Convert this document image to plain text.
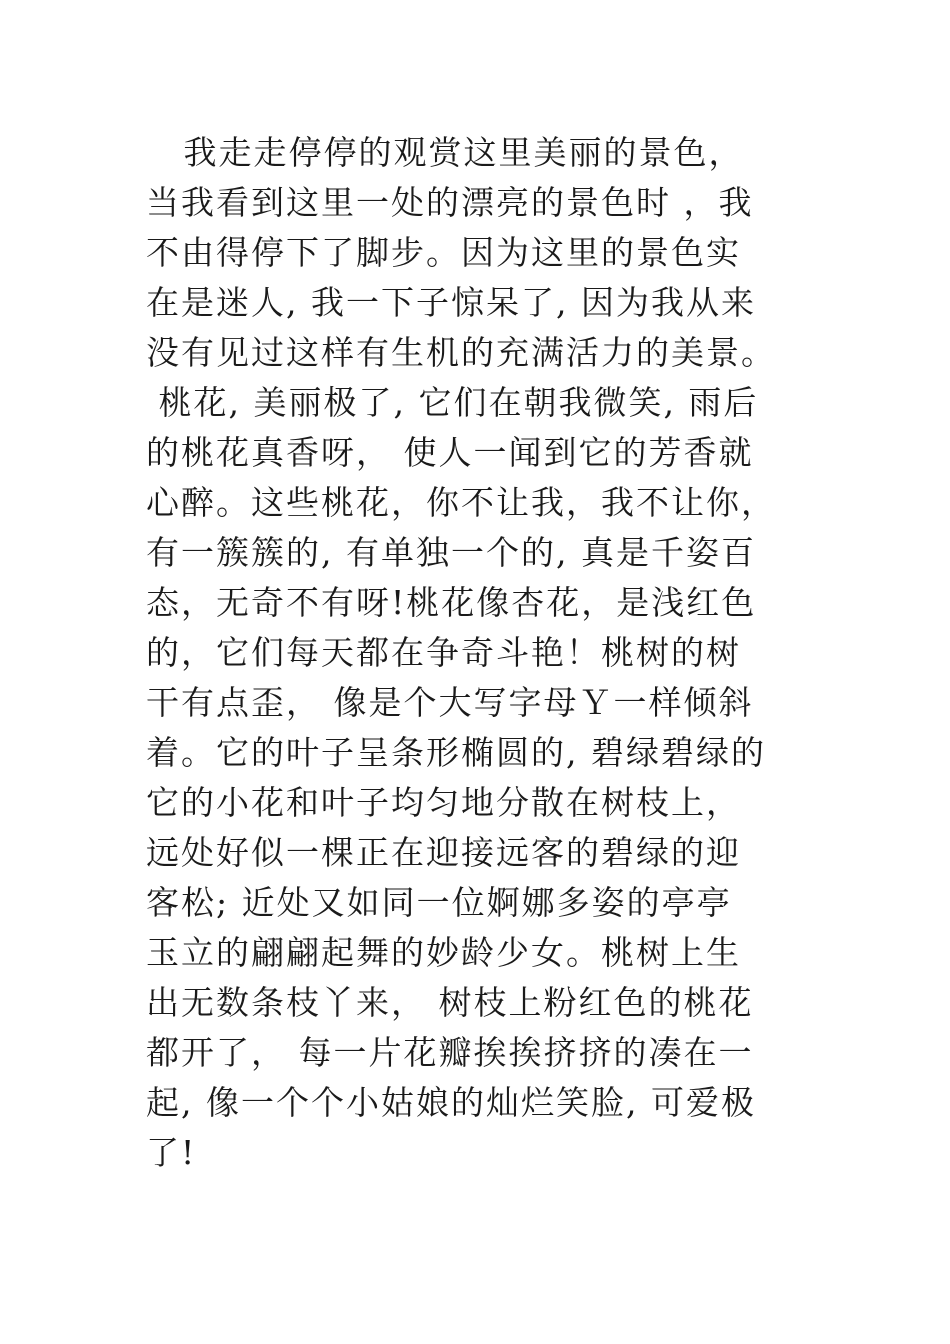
我走走停停的观赏这里美丽的景色，
当我看到这里一处的漂亮的景色时 ，我
不由得停下了脚步。因为这里的景色实
在是迷人, 我一下子惊呆了, 因为我从来
没有见过这样有生机的充满活力的美景。
桃花, 美丽极了, 它们在朝我微笑, 雨后
的桃花真香呀， 使人一闻到它的芳香就
心醉。这些桃花，你不让我，我不让你，
有一簇簇的, 有单独一个的, 真是千姿百
态，无奇不有呀!桃花像杏花，是浅红色
的，它们每天都在争奇斗艳！桃树的树
干有点歪， 像是个大写字母Ｙ一样倾斜
着。它的叶子呈条形椭圆的, 碧绿碧绿的
它的小花和叶子均匀地分散在树枝上，
远处好似一棵正在迎接远客的碧绿的迎
客松; 近处又如同一位婀娜多姿的亭亭
玉立的翩翩起舞的妙龄少女。桃树上生
出无数条枝丫来， 树枝上粉红色的桃花
都开了， 每一片花瓣挨挨挤挤的凑在一
起, 像一个个小姑娘的灿烂笑脸, 可爱极
了!
